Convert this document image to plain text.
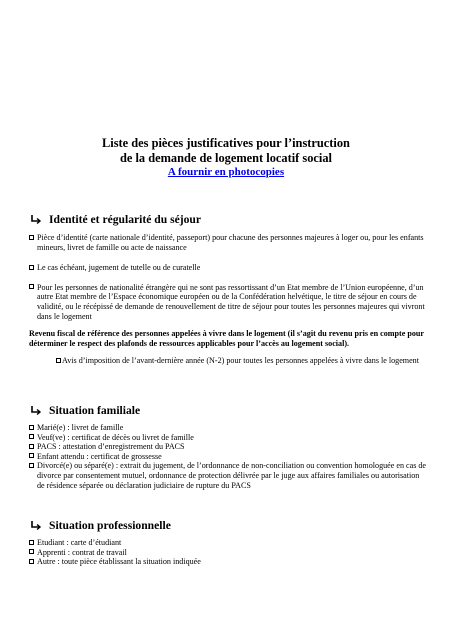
Liste des pièces justificatives pour l’instruction
de la demande de logement locatif social
A fournir en photocopies
Identité et régularité du séjour
Pièce d’identité (carte nationale d’identité, passeport) pour chacune des personnes majeures à loger ou, pour les enfants mineurs, livret de famille ou acte de naissance
Le cas échéant, jugement de tutelle ou de curatelle
Pour les personnes de nationalité étrangère qui ne sont pas ressortissant d’un Etat membre de l’Union européenne, d’un autre Etat membre de l’Espace économique européen ou de la Confédération helvétique, le titre de séjour en cours de validité, ou le récépissé de demande de renouvellement de titre de séjour pour toutes les personnes majeures qui vivront dans le logement
Revenu fiscal de référence des personnes appelées à vivre dans le logement (il s’agit du revenu pris en compte pour déterminer le respect des plafonds de ressources applicables pour l’accès au logement social).
Avis d’imposition de l’avant-dernière année (N-2) pour toutes les personnes appelées à vivre dans le logement
Situation familiale
Marié(e) : livret de famille
Veuf(ve) : certificat de décès ou livret de famille
PACS : attestation d’enregistrement du PACS
Enfant attendu : certificat de grossesse
Divorcé(e) ou séparé(e) : extrait du jugement, de l’ordonnance de non-conciliation ou convention homologuée en cas de divorce par consentement mutuel, ordonnance de protection délivrée par le juge aux affaires familiales ou autorisation de résidence séparée ou déclaration judiciaire de rupture du PACS
Situation professionnelle
Etudiant : carte d’étudiant
Apprenti : contrat de travail
Autre : toute pièce établissant la situation indiquée
